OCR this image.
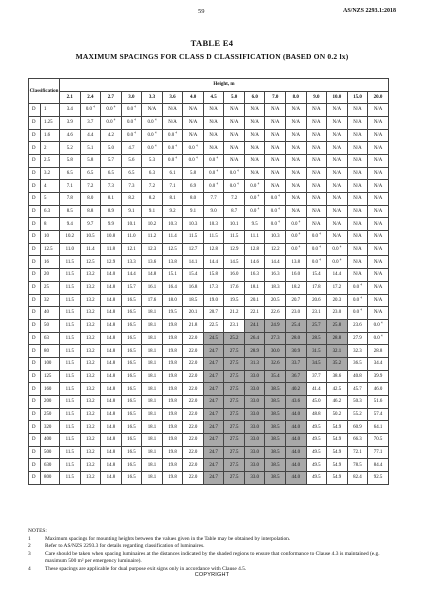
59	AS/NZS 2293.1:2018
TABLE E4
MAXIMUM SPACINGS FOR CLASS D CLASSIFICATION (BASED ON 0.2 lx)
Classification		Height, m															
		2.1	2.4	2.7	3.0	3.3	3.6	4.0	4.5	5.0	6.0	7.0	8.0	9.0	10.0	15.0	20.0
D	1	3.4	0.0 $^4$	0.0 $^4$	0.0 $^4$	N/A	N/A	N/A	N/A	N/A	N/A	N/A	N/A	N/A	N/A	N/A	N/A
D	1.25	3.9	3.7	0.0 $^4$	0.0 $^4$	0.0 $^4$	N/A	N/A	N/A	N/A	N/A	N/A	N/A	N/A	N/A	N/A	N/A
D	1.6	4.6	4.4	4.2	0.0 $^4$	0.0 $^4$	0.0 $^4$	N/A	N/A	N/A	N/A	N/A	N/A	N/A	N/A	N/A	N/A
D	2	5.2	5.1	5.0	4.7	0.0 $^4$	0.0 $^4$	0.0 $^4$	N/A	N/A	N/A	N/A	N/A	N/A	N/A	N/A	N/A
D	2.5	5.8	5.8	5.7	5.6	5.3	0.0 $^4$	0.0 $^4$	0.0 $^4$	N/A	N/A	N/A	N/A	N/A	N/A	N/A	N/A
D	3.2	6.5	6.5	6.5	6.5	6.3	6.1	5.8	0.0 $^4$	0.0 $^4$	N/A	N/A	N/A	N/A	N/A	N/A	N/A
D	4	7.1	7.2	7.3	7.3	7.2	7.1	6.9	0.0 $^4$	0.0 $^4$	0.0 $^4$	N/A	N/A	N/A	N/A	N/A	N/A
D	5	7.8	8.0	8.1	8.2	8.2	8.1	8.0	7.7	7.2	0.0 $^4$	0.0 $^4$	N/A	N/A	N/A	N/A	N/A
D	6.3	8.5	8.8	8.9	9.1	9.1	9.2	9.1	9.0	8.7	0.0 $^4$	0.0 $^4$	N/A	N/A	N/A	N/A	N/A
D	8	9.4	9.7	9.9	10.1	10.2	10.3	10.3	10.3	10.1	9.5	0.0 $^4$	0.0 $^4$	N/A	N/A	N/A	N/A
D	10	10.2	10.5	10.8	11.0	11.2	11.4	11.5	11.5	11.5	11.1	10.3	0.0 $^4$	0.0 $^4$	N/A	N/A	N/A
D	12.5	11.0	11.4	11.8	12.1	12.3	12.5	12.7	12.8	12.9	12.8	12.2	0.0 $^4$	0.0 $^4$	0.0 $^4$	N/A	N/A
D	16	11.5	12.5	12.9	13.3	13.6	13.8	14.1	14.4	14.5	14.6	14.4	13.8	0.0 $^4$	0.0 $^4$	N/A	N/A
D	20	11.5	13.2	14.0	14.4	14.8	15.1	15.4	15.8	16.0	16.3	16.3	16.0	15.4	14.4	N/A	N/A
D	25	11.5	13.2	14.8	15.7	16.1	16.4	16.8	17.3	17.6	18.1	18.3	18.2	17.8	17.2	0.0 $^4$	N/A
D	32	11.5	13.2	14.8	16.5	17.6	18.0	18.5	19.0	19.5	20.1	20.5	20.7	20.6	20.3	0.0 $^4$	N/A
D	40	11.5	13.2	14.8	16.5	18.1	19.5	20.1	20.7	21.2	22.1	22.6	23.0	23.1	23.0	0.0 $^4$	N/A
D	50	11.5	13.2	14.8	16.5	18.1	19.8	21.8	22.5	23.1	24.1	24.9	25.4	25.7	25.8	23.6	0.0 $^4$
D	63	11.5	13.2	14.8	16.5	18.1	19.8	22.0	24.5	25.2	26.4	27.3	28.0	28.5	28.8	27.9	0.0 $^4$
D	80	11.5	13.2	14.8	16.5	18.1	19.8	22.0	24.7	27.5	28.9	30.0	30.9	31.5	32.1	32.3	28.8
D	100	11.5	13.2	14.8	16.5	18.1	19.8	22.0	24.7	27.5	31.3	32.6	33.7	34.5	35.2	36.5	34.4
D	125	11.5	13.2	14.8	16.5	18.1	19.8	22.0	24.7	27.5	33.0	35.4	36.7	37.7	38.6	40.8	39.9
D	160	11.5	13.2	14.8	16.5	18.1	19.8	22.0	24.7	27.5	33.0	38.5	40.2	41.4	42.5	45.7	46.0
D	200	11.5	13.2	14.8	16.5	18.1	19.8	22.0	24.7	27.5	33.0	38.5	43.6	45.0	46.2	50.3	51.6
D	250	11.5	13.2	14.8	16.5	18.1	19.8	22.0	24.7	27.5	33.0	38.5	44.0	48.8	50.2	55.2	57.4
D	320	11.5	13.2	14.8	16.5	18.1	19.8	22.0	24.7	27.5	33.0	38.5	44.0	49.5	54.9	60.9	64.1
D	400	11.5	13.2	14.8	16.5	18.1	19.8	22.0	24.7	27.5	33.0	38.5	44.0	49.5	54.9	66.3	70.5
D	500	11.5	13.2	14.8	16.5	18.1	19.8	22.0	24.7	27.5	33.0	38.5	44.0	49.5	54.9	72.1	77.1
D	630	11.5	13.2	14.8	16.5	18.1	19.8	22.0	24.7	27.5	33.0	38.5	44.0	49.5	54.9	78.5	84.4
D	800	11.5	13.2	14.8	16.5	18.1	19.8	22.0	24.7	27.5	33.0	38.5	44.0	49.5	54.9	82.4	92.5
NOTES:
1	Maximum spacings for mounting heights between the values given in the Table may be obtained by interpolation.
2	Refer to AS/NZS 2293.3 for details regarding classification of luminaires.
3	Care should be taken when spacing luminaires at the distances indicated by the shaded regions to ensure that conformance to Clause 4.3 is maintained (e.g. maximum 500 m² per emergency luminaire).
4	These spacings are applicable for dual purpose exit signs only in accordance with Clause 4.5.
COPYRIGHT
